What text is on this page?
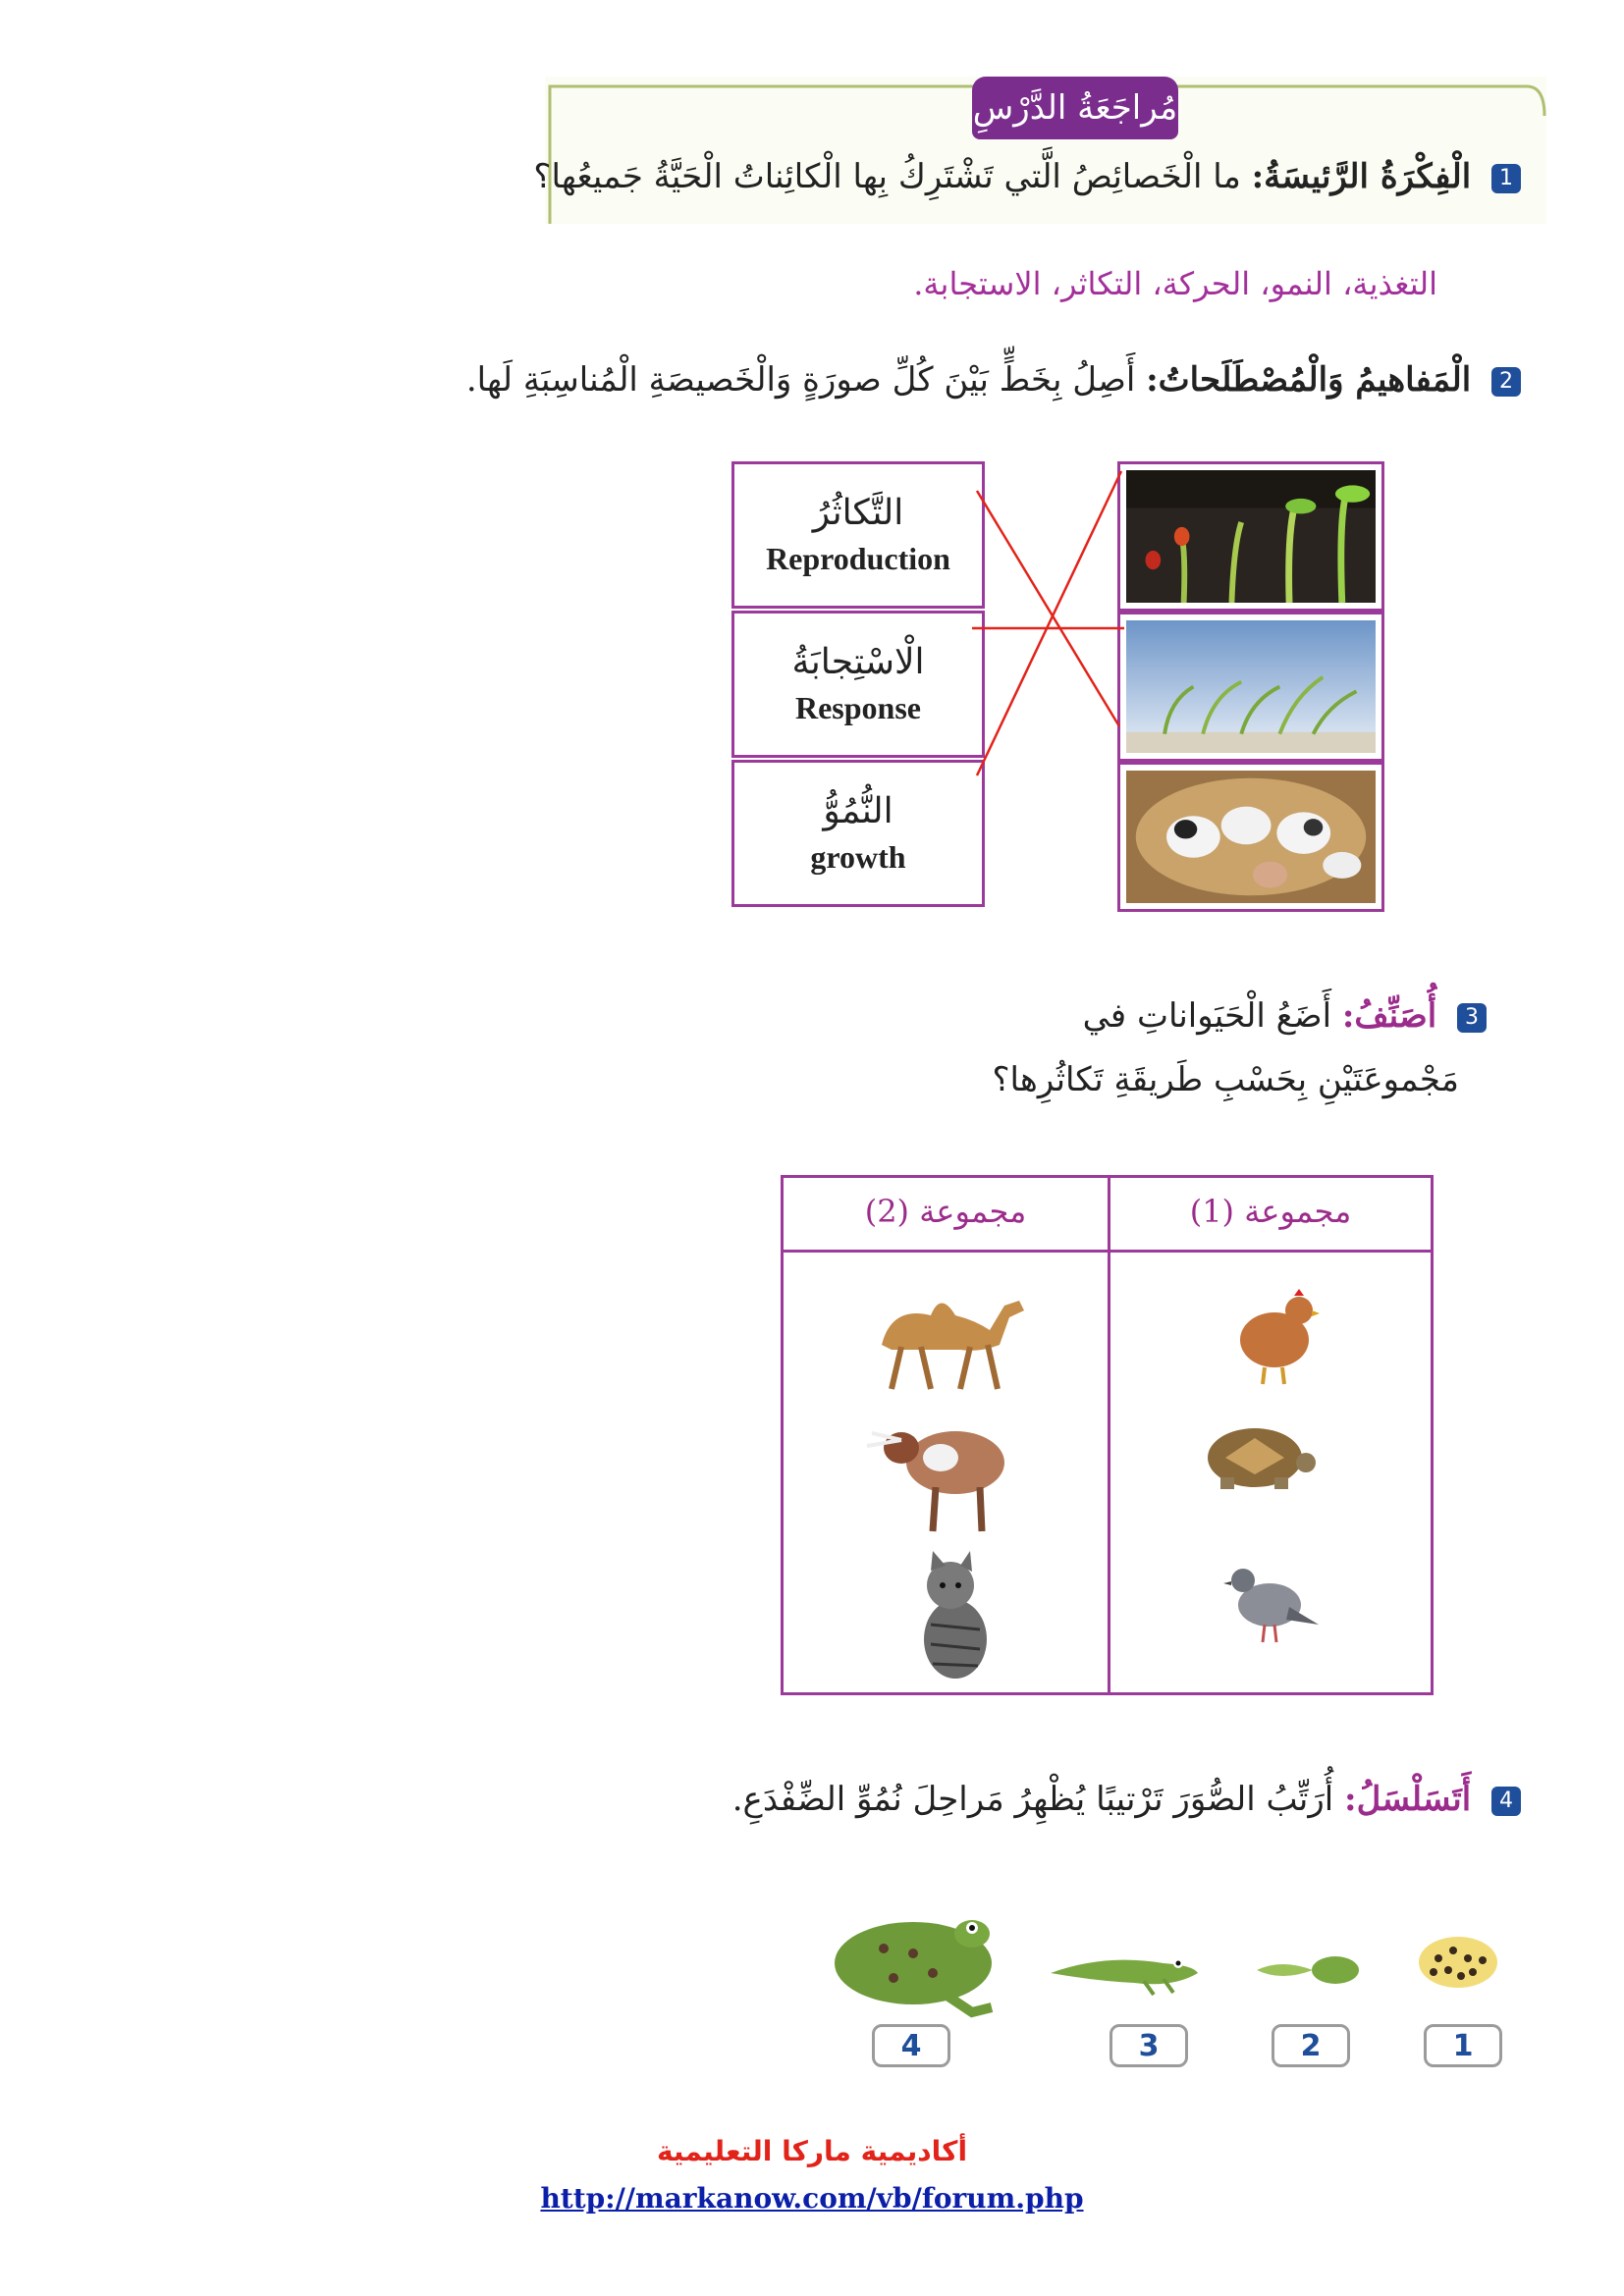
مُراجَعَةُ الدَّرْسِ
1 الْفِكْرَةُ الرَّئيسَةُ: ما الْخَصائِصُ الَّتي تَشْتَرِكُ بِها الْكائِناتُ الْحَيَّةُ جَميعُها؟
التغذية، النمو، الحركة، التكاثر، الاستجابة.
2 الْمَفاهيمُ وَالْمُصْطَلَحاتُ: أَصِلُ بِخَطٍّ بَيْنَ كُلِّ صورَةٍ وَالْخَصيصَةِ الْمُناسِبَةِ لَها.
التَّكاثُرُ
Reproduction
الْاسْتِجابَةُ
Response
النُّمُوُّ
growth
3 أُصَنِّفُ: أَضَعُ الْحَيَواناتِ في
مَجْموعَتَيْنِ بِحَسْبِ طَريقَةِ تَكاثُرِها؟
مجموعة (1)
مجموعة (2)
4 أَتَسَلْسَلُ: أُرَتِّبُ الصُّوَرَ تَرْتيبًا يُظْهِرُ مَراحِلَ نُمُوِّ الضِّفْدَعِ.
4	3	2	1
أكاديمية ماركا التعليمية
http://markanow.com/vb/forum.php
